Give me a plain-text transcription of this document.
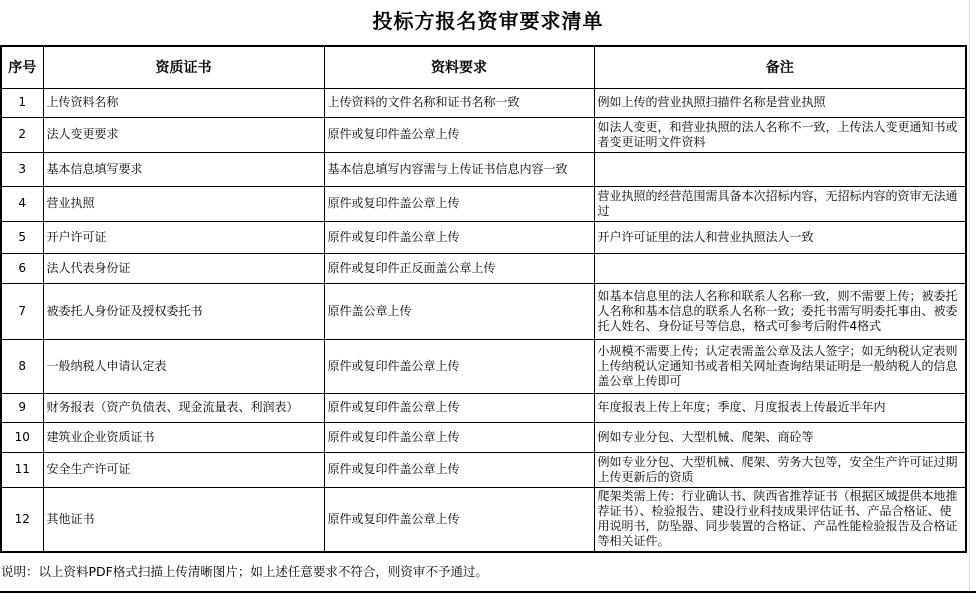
投标方报名资审要求清单
序号	资质证书	资料要求	备注
1	上传资料名称	上传资料的文件名称和证书名称一致	例如上传的营业执照扫描件名称是营业执照
2	法人变更要求	原件或复印件盖公章上传	如法人变更，和营业执照的法人名称不一致，上传法人变更通知书或者变更证明文件资料
3	基本信息填写要求	基本信息填写内容需与上传证书信息内容一致	
4	营业执照	原件或复印件盖公章上传	营业执照的经营范围需具备本次招标内容，无招标内容的资审无法通过
5	开户许可证	原件或复印件盖公章上传	开户许可证里的法人和营业执照法人一致
6	法人代表身份证	原件或复印件正反面盖公章上传	
7	被委托人身份证及授权委托书	原件盖公章上传	如基本信息里的法人名称和联系人名称一致，则不需要上传；被委托人名称和基本信息的联系人名称一致；委托书需写明委托事由、被委托人姓名、身份证号等信息，格式可参考后附件4格式
8	一般纳税人申请认定表	原件或复印件盖公章上传	小规模不需要上传；认定表需盖公章及法人签字；如无纳税认定表则上传纳税认定通知书或者相关网址查询结果证明是一般纳税人的信息盖公章上传即可
9	财务报表（资产负债表、现金流量表、利润表）	原件或复印件盖公章上传	年度报表上传上年度；季度、月度报表上传最近半年内
10	建筑业企业资质证书	原件或复印件盖公章上传	例如专业分包、大型机械、爬架、商砼等
11	安全生产许可证	原件或复印件盖公章上传	例如专业分包、大型机械、爬架、劳务大包等，安全生产许可证过期上传更新后的资质
12	其他证书	原件或复印件盖公章上传	爬架类需上传：行业确认书、陕西省推荐证书（根据区域提供本地推荐证书）、检验报告、建设行业科技成果评估证书、产品合格证、使用说明书，防坠器、同步装置的合格证、产品性能检验报告及合格证等相关证件。
说明：以上资料PDF格式扫描上传清晰图片；如上述任意要求不符合，则资审不予通过。
